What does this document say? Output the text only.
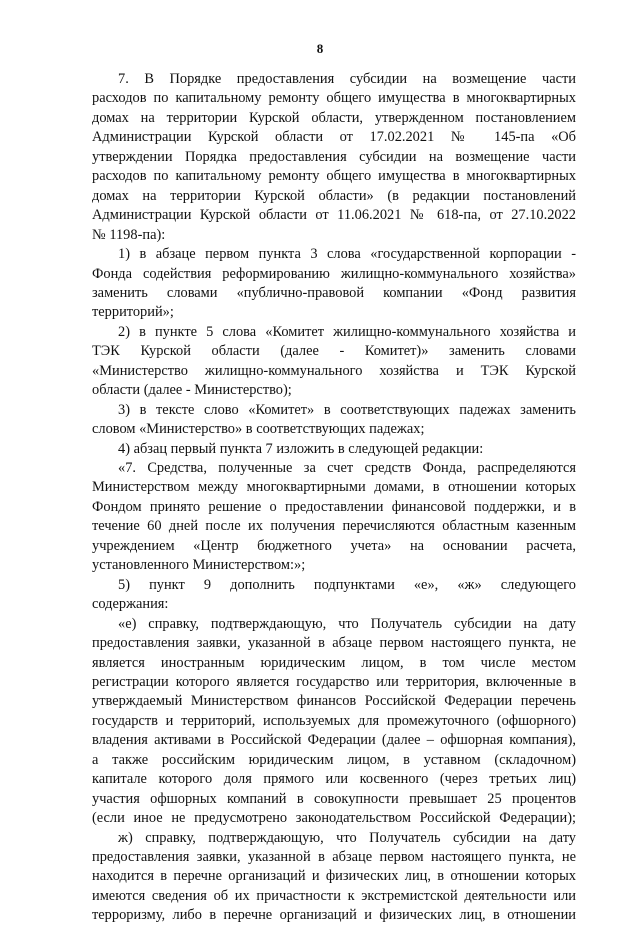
8
7. В Порядке предоставления субсидии на возмещение части
расходов по капитальному ремонту общего имущества в многоквартирных
домах на территории Курской области, утвержденном постановлением
Администрации Курской области от 17.02.2021 № 145-па «Об
утверждении Порядка предоставления субсидии на возмещение части
расходов по капитальному ремонту общего имущества в многоквартирных
домах на территории Курской области» (в редакции постановлений
Администрации Курской области от 11.06.2021 № 618-па, от 27.10.2022
№ 1198-па):
1) в абзаце первом пункта 3 слова «государственной корпорации -
Фонда содействия реформированию жилищно-коммунального хозяйства»
заменить словами «публично-правовой компании «Фонд развития
территорий»;
2) в пункте 5 слова «Комитет жилищно-коммунального хозяйства и
ТЭК Курской области (далее - Комитет)» заменить словами
«Министерство жилищно-коммунального хозяйства и ТЭК Курской
области (далее - Министерство);
3) в тексте слово «Комитет» в соответствующих падежах заменить
словом «Министерство» в соответствующих падежах;
4) абзац первый пункта 7 изложить в следующей редакции:
«7. Средства, полученные за счет средств Фонда, распределяются
Министерством между многоквартирными домами, в отношении которых
Фондом принято решение о предоставлении финансовой поддержки, и в
течение 60 дней после их получения перечисляются областным казенным
учреждением «Центр бюджетного учета» на основании расчета,
установленного Министерством:»;
5) пункт 9 дополнить подпунктами «е», «ж» следующего
содержания:
«е) справку, подтверждающую, что Получатель субсидии на дату
предоставления заявки, указанной в абзаце первом настоящего пункта, не
является иностранным юридическим лицом, в том числе местом
регистрации которого является государство или территория, включенные в
утверждаемый Министерством финансов Российской Федерации перечень
государств и территорий, используемых для промежуточного (офшорного)
владения активами в Российской Федерации (далее – офшорная компания),
а также российским юридическим лицом, в уставном (складочном)
капитале которого доля прямого или косвенного (через третьих лиц)
участия офшорных компаний в совокупности превышает 25 процентов
(если иное не предусмотрено законодательством Российской Федерации);
ж) справку, подтверждающую, что Получатель субсидии на дату
предоставления заявки, указанной в абзаце первом настоящего пункта, не
находится в перечне организаций и физических лиц, в отношении которых
имеются сведения об их причастности к экстремистской деятельности или
терроризму, либо в перечне организаций и физических лиц, в отношении
